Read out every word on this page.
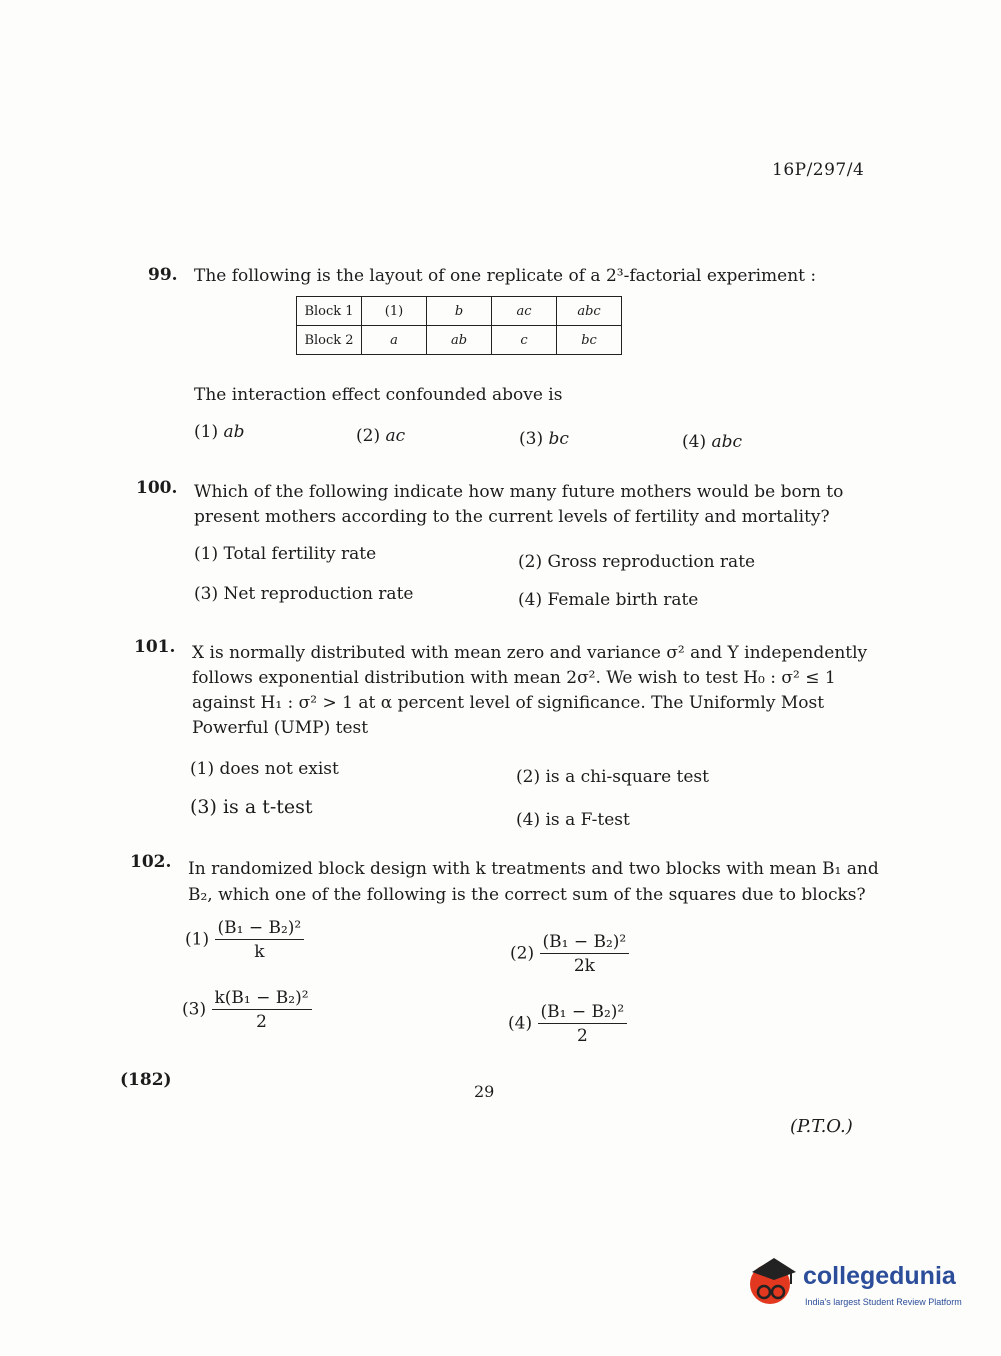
16P/297/4
99. The following is the layout of one replicate of a 2³-factorial experiment :
Block 1	(1)	b	ac	abc
Block 2	a	ab	c	bc
The interaction effect confounded above is
(1) ab	(2) ac	(3) bc	(4) abc
100. Which of the following indicate how many future mothers would be born to
present mothers according to the current levels of fertility and mortality?
(1) Total fertility rate	(2) Gross reproduction rate
(3) Net reproduction rate	(4) Female birth rate
101. X is normally distributed with mean zero and variance σ² and Y independently
follows exponential distribution with mean 2σ². We wish to test H₀ : σ² ≤ 1
against H₁ : σ² > 1 at α percent level of significance. The Uniformly Most
Powerful (UMP) test
(1) does not exist	(2) is a chi-square test
(3) is a t-test
(4) is a F-test
102. In randomized block design with k treatments and two blocks with mean B₁ and
B₂, which one of the following is the correct sum of the squares due to blocks?
$(1) \frac{\text{(B₁ − B₂)²}}{k}$	$(2) \frac{\text{(B₁ − B₂)²}}{2k}$
$(3) \frac{\text{k(B₁ − B₂)²}}{2}$	$(4) \frac{\text{(B₁ − B₂)²}}{2}$
(182)
29
(P.T.O.)
collegedunia
India's largest Student Review Platform
